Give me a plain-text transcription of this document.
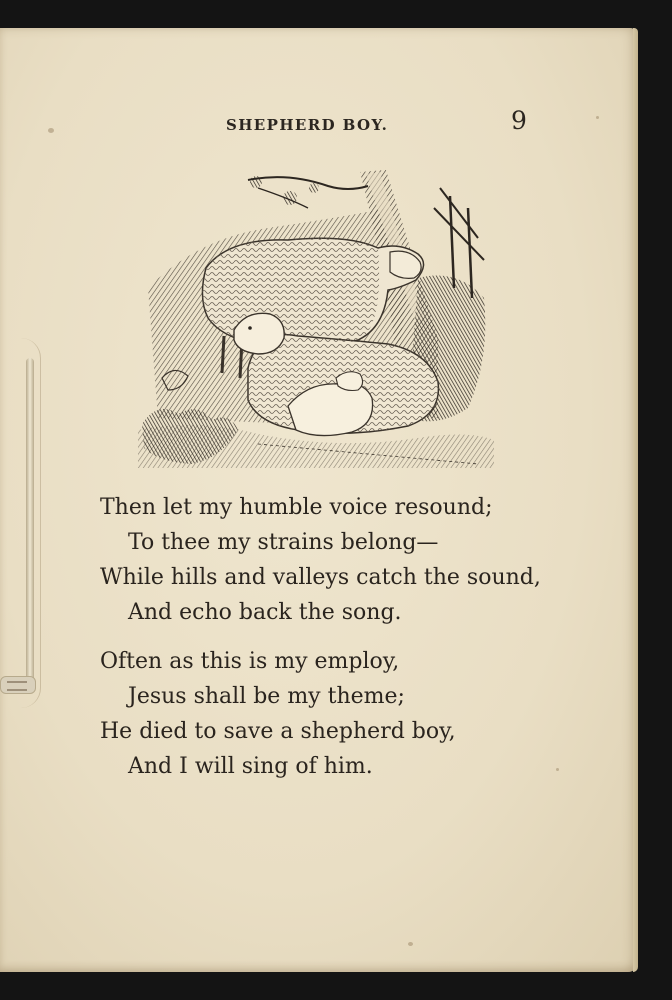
SHEPHERD BOY.	9
Then let my humble voice resound;
To thee my strains belong—
While hills and valleys catch the sound,
And echo back the song.
Often as this is my employ,
Jesus shall be my theme;
He died to save a shepherd boy,
And I will sing of him.
